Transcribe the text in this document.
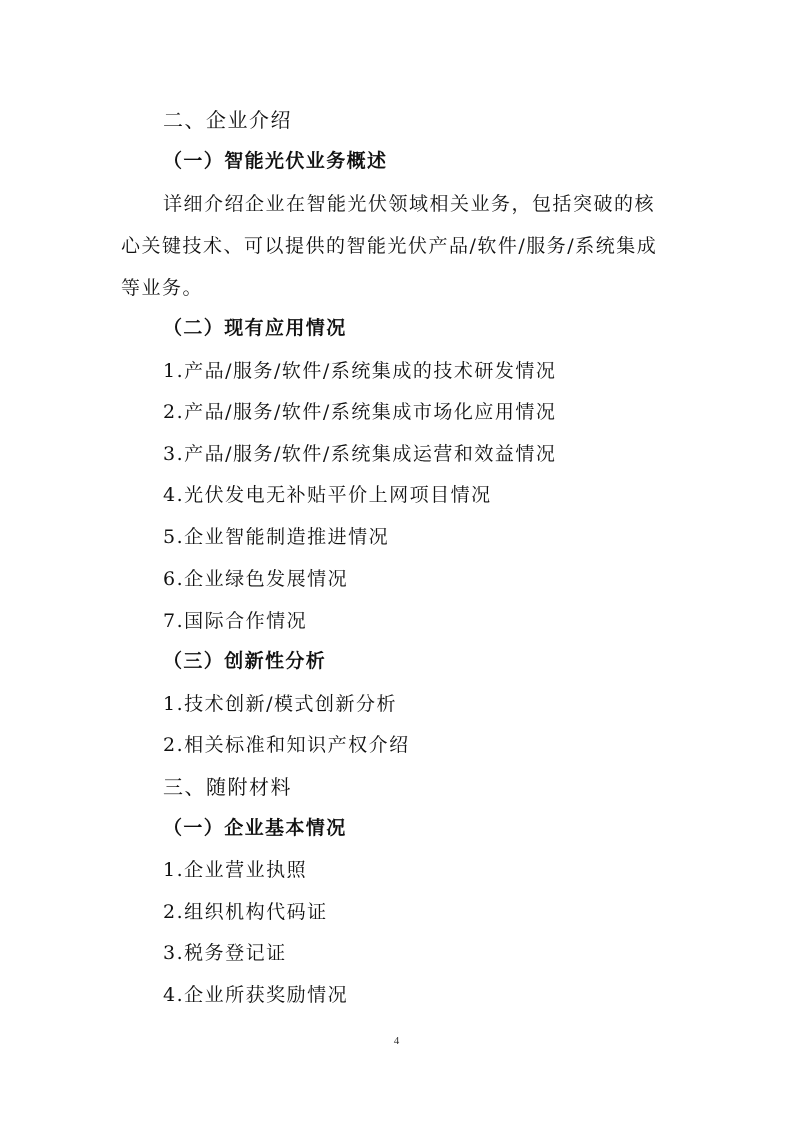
二、企业介绍
（一）智能光伏业务概述
详细介绍企业在智能光伏领域相关业务，包括突破的核
心关键技术、可以提供的智能光伏产品/软件/服务/系统集成
等业务。
（二）现有应用情况
1.产品/服务/软件/系统集成的技术研发情况
2.产品/服务/软件/系统集成市场化应用情况
3.产品/服务/软件/系统集成运营和效益情况
4.光伏发电无补贴平价上网项目情况
5.企业智能制造推进情况
6.企业绿色发展情况
7.国际合作情况
（三）创新性分析
1.技术创新/模式创新分析
2.相关标准和知识产权介绍
三、随附材料
（一）企业基本情况
1.企业营业执照
2.组织机构代码证
3.税务登记证
4.企业所获奖励情况
4
